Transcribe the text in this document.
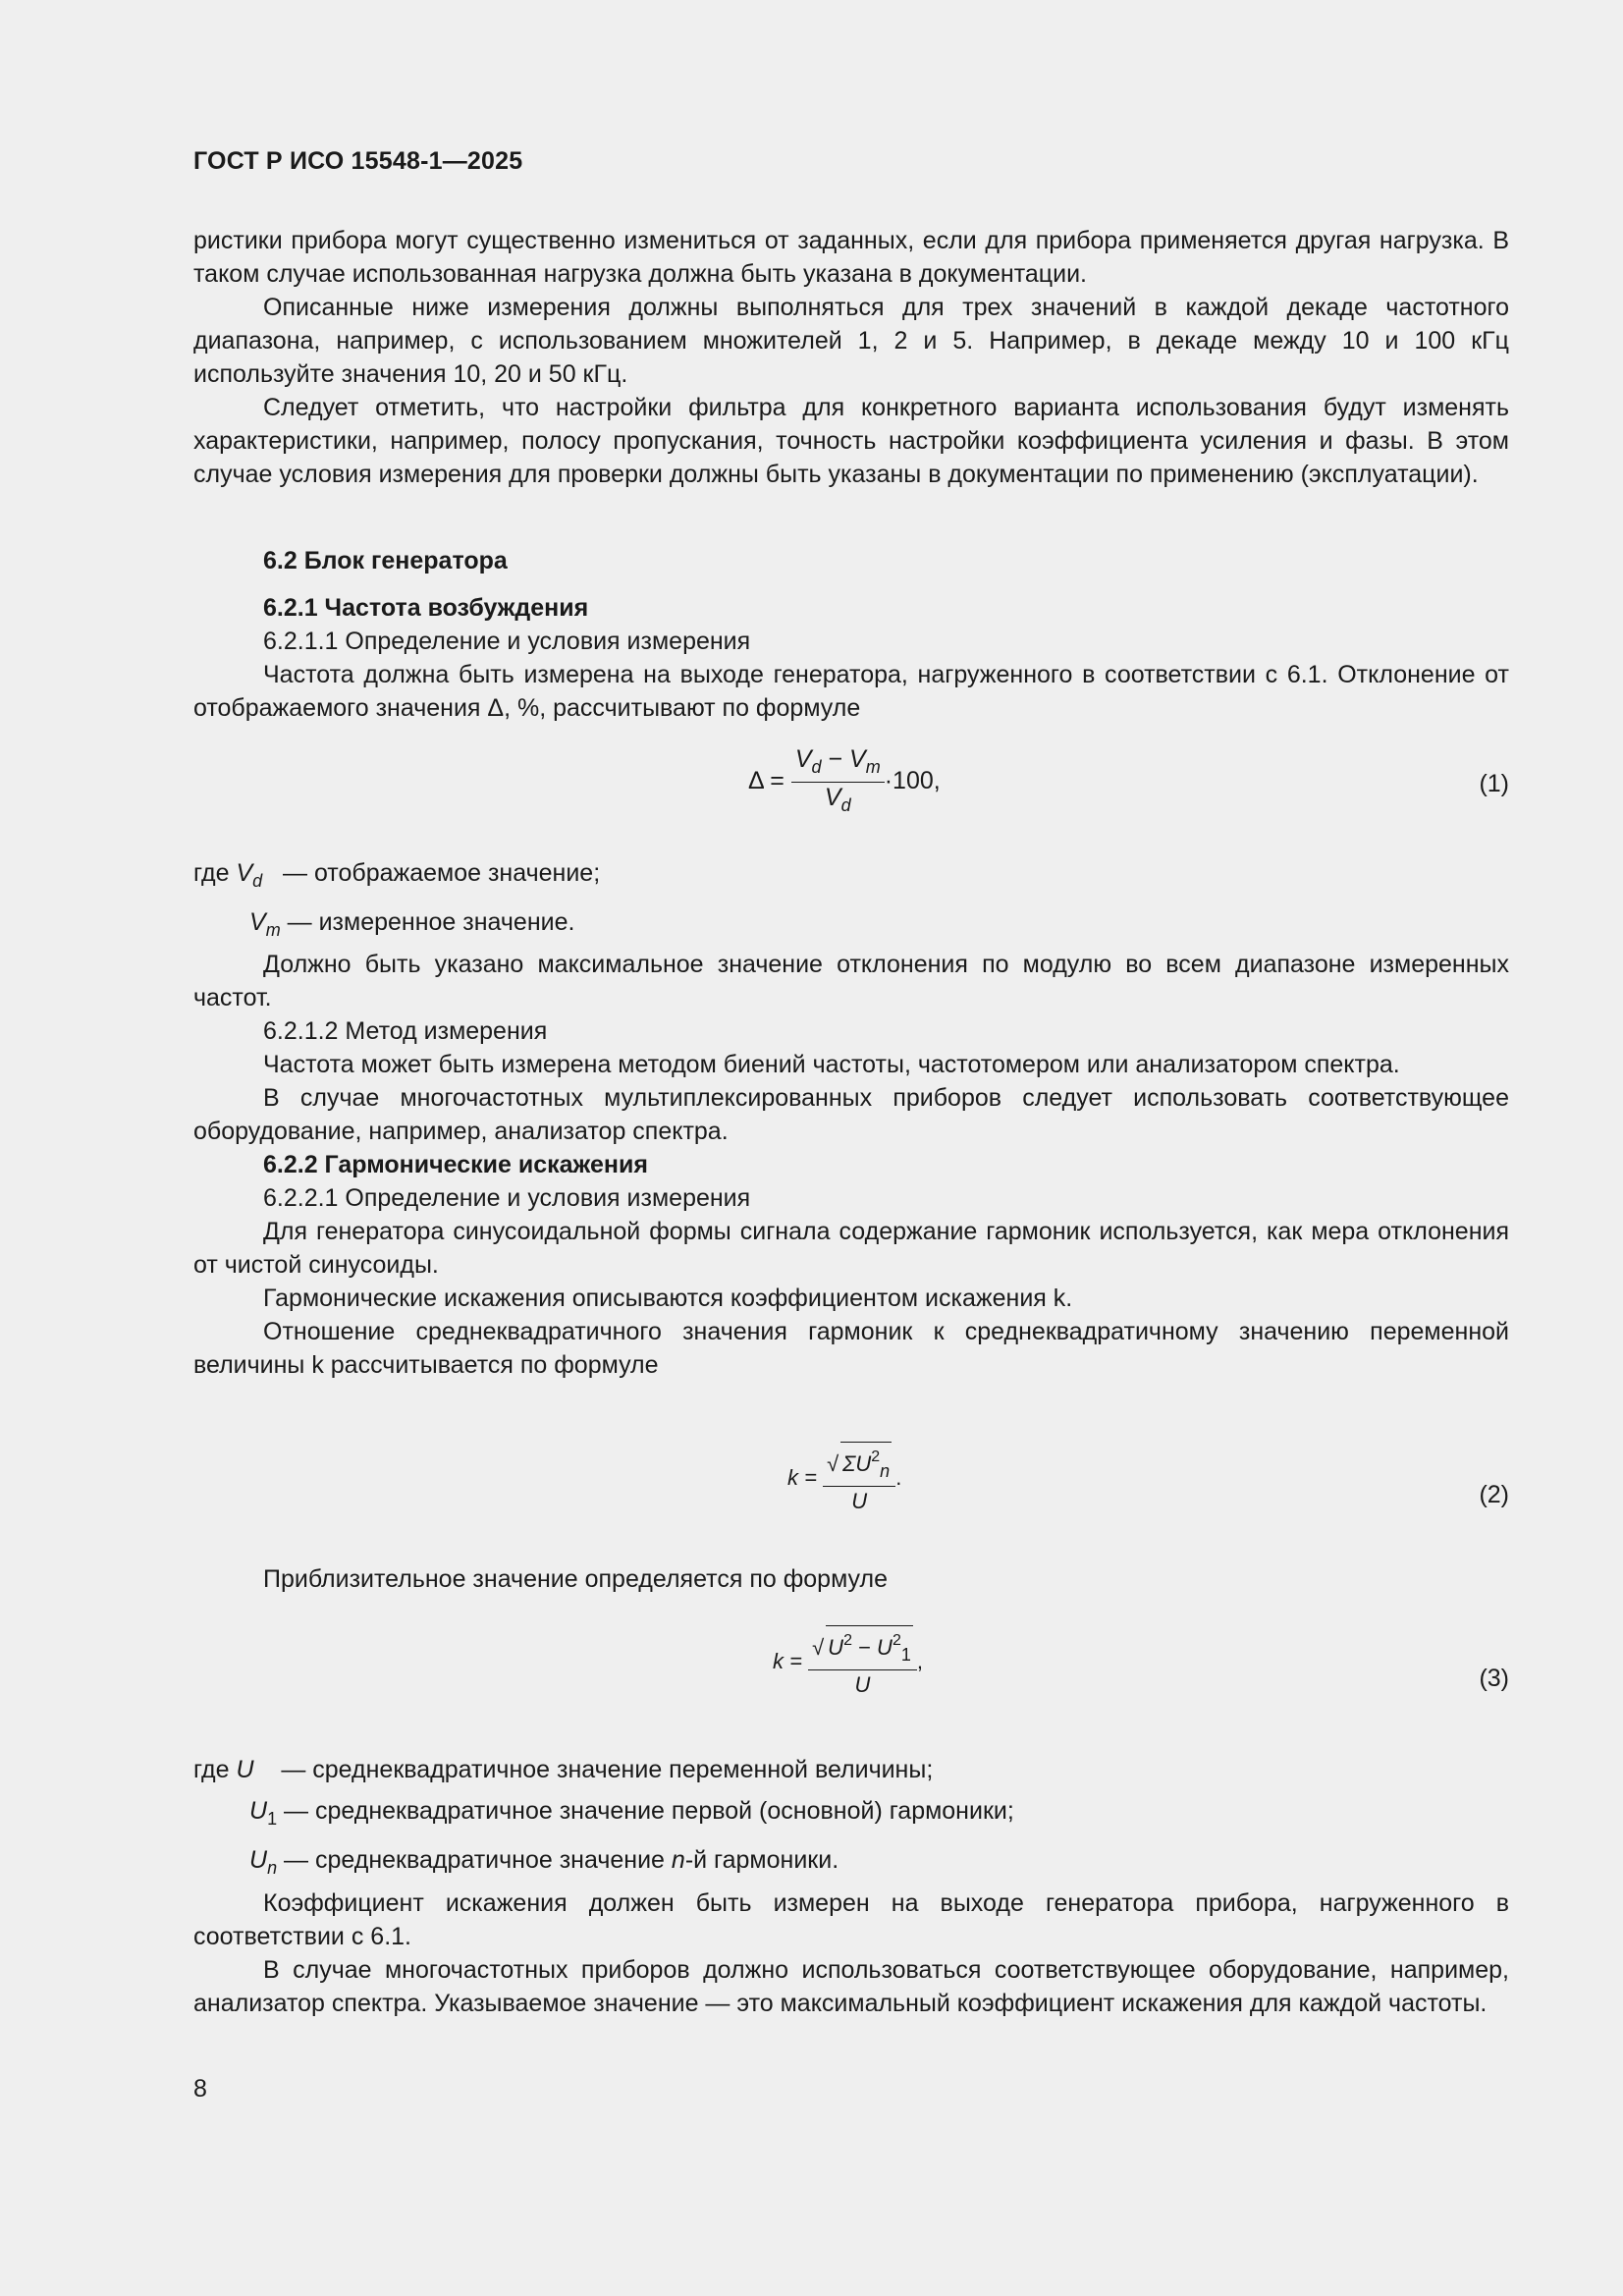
ГОСТ Р ИСО 15548-1—2025

ристики прибора могут существенно измениться от заданных, если для прибора применяется другая нагрузка. В таком случае использованная нагрузка должна быть указана в документации.

Описанные ниже измерения должны выполняться для трех значений в каждой декаде частотного диапазона, например, с использованием множителей 1, 2 и 5. Например, в декаде между 10 и 100 кГц используйте значения 10, 20 и 50 кГц.

Следует отметить, что настройки фильтра для конкретного варианта использования будут изменять характеристики, например, полосу пропускания, точность настройки коэффициента усиления и фазы. В этом случае условия измерения для проверки должны быть указаны в документации по применению (эксплуатации).

6.2 Блок генератора

6.2.1 Частота возбуждения

6.2.1.1 Определение и условия измерения

Частота должна быть измерена на выходе генератора, нагруженного в соответствии с 6.1. Отклонение от отображаемого значения Δ, %, рассчитывают по формуле

$\Delta = \frac{V_d - V_m}{V_d} \cdot 100$,	(1)
где $V_d$ — отображаемое значение;
$V_m$ — измеренное значение.

Должно быть указано максимальное значение отклонения по модулю во всем диапазоне измеренных частот.

6.2.1.2 Метод измерения

Частота может быть измерена методом биений частоты, частотомером или анализатором спектра.

В случае многочастотных мультиплексированных приборов следует использовать соответствующее оборудование, например, анализатор спектра.

6.2.2 Гармонические искажения

6.2.2.1 Определение и условия измерения

Для генератора синусоидальной формы сигнала содержание гармоник используется, как мера отклонения от чистой синусоиды.

Гармонические искажения описываются коэффициентом искажения k.

Отношение среднеквадратичного значения гармоник к среднеквадратичному значению переменной величины k рассчитывается по формуле

$k = \frac{√ \Sigma U^2_n}{U}$ .
(2)

Приблизительное значение определяется по формуле

$k = \frac{√ U^2 - U^2_1}{U}$ ,
(3)
где U — среднеквадратичное значение переменной величины;
$U_1$ — среднеквадратичное значение первой (основной) гармоники;
$U_n$ — среднеквадратичное значение n-й гармоники.

Коэффициент искажения должен быть измерен на выходе генератора прибора, нагруженного в соответствии с 6.1.

В случае многочастотных приборов должно использоваться соответствующее оборудование, например, анализатор спектра. Указываемое значение — это максимальный коэффициент искажения для каждой частоты.

8
